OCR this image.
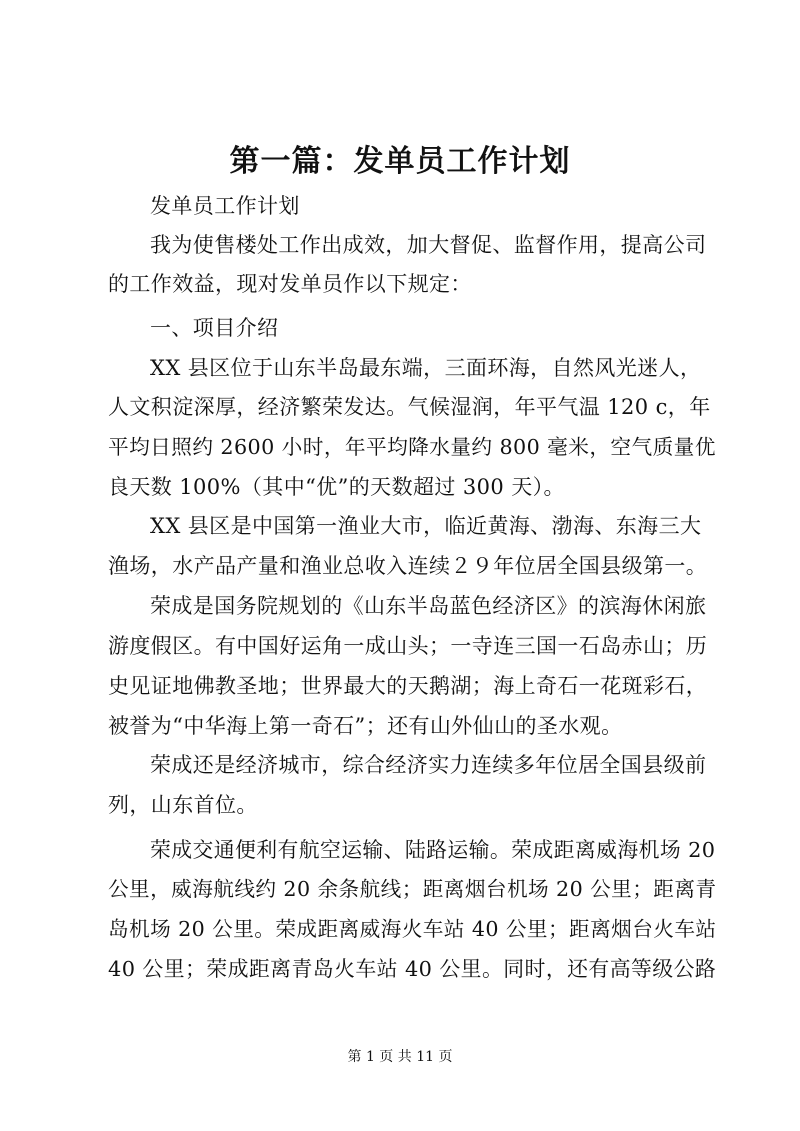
第一篇：发单员工作计划
发单员工作计划
我为使售楼处工作出成效，加大督促、监督作用，提高公司
的工作效益，现对发单员作以下规定：
一、项目介绍
XX 县区位于山东半岛最东端，三面环海，自然风光迷人，
人文积淀深厚，经济繁荣发达。气候湿润，年平气温 120 c，年
平均日照约 2600 小时，年平均降水量约 800 毫米，空气质量优
良天数 100%（其中“优”的天数超过 300 天）。
XX 县区是中国第一渔业大市，临近黄海、渤海、东海三大
渔场，水产品产量和渔业总收入连续２９年位居全国县级第一。
荣成是国务院规划的《山东半岛蓝色经济区》的滨海休闲旅
游度假区。有中国好运角一成山头；一寺连三国一石岛赤山；历
史见证地佛教圣地；世界最大的天鹅湖；海上奇石一花斑彩石，
被誉为“中华海上第一奇石”；还有山外仙山的圣水观。
荣成还是经济城市，综合经济实力连续多年位居全国县级前
列，山东首位。
荣成交通便利有航空运输、陆路运输。荣成距离威海机场 20
公里，威海航线约 20 余条航线；距离烟台机场 20 公里；距离青
岛机场 20 公里。荣成距离威海火车站 40 公里；距离烟台火车站
40 公里；荣成距离青岛火车站 40 公里。同时，还有高等级公路
第 1 页 共 11 页
